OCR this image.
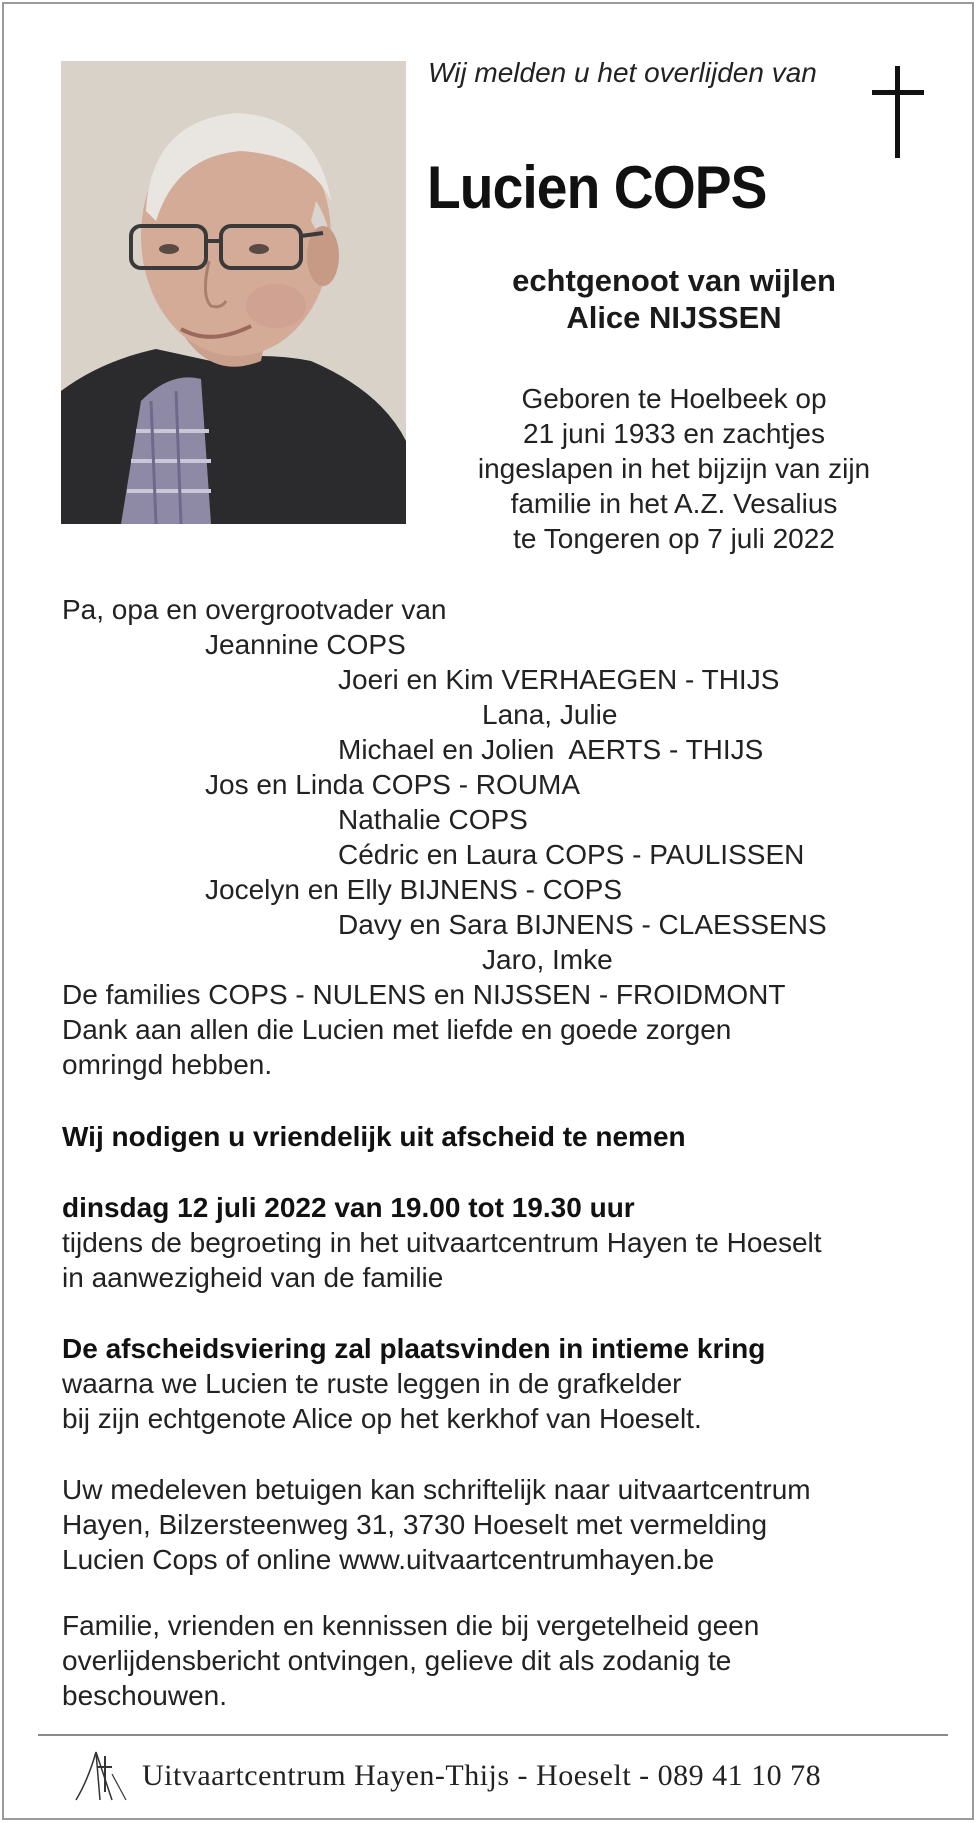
Wij melden u het overlijden van
Lucien COPS
echtgenoot van wijlen
Alice NIJSSEN
Geboren te Hoelbeek op
21 juni 1933 en zachtjes
ingeslapen in het bijzijn van zijn
familie in het A.Z. Vesalius
te Tongeren op 7 juli 2022
Pa, opa en overgrootvader van
Jeannine COPS
Joeri en Kim VERHAEGEN - THIJS
Lana, Julie
Michael en Jolien  AERTS - THIJS
Jos en Linda COPS - ROUMA
Nathalie COPS
Cédric en Laura COPS - PAULISSEN
Jocelyn en Elly BIJNENS - COPS
Davy en Sara BIJNENS - CLAESSENS
Jaro, Imke
De families COPS - NULENS en NIJSSEN - FROIDMONT
Dank aan allen die Lucien met liefde en goede zorgen
omringd hebben.
Wij nodigen u vriendelijk uit afscheid te nemen
dinsdag 12 juli 2022 van 19.00 tot 19.30 uur
tijdens de begroeting in het uitvaartcentrum Hayen te Hoeselt
in aanwezigheid van de familie
De afscheidsviering zal plaatsvinden in intieme kring
waarna we Lucien te ruste leggen in de grafkelder
bij zijn echtgenote Alice op het kerkhof van Hoeselt.
Uw medeleven betuigen kan schriftelijk naar uitvaartcentrum
Hayen, Bilzersteenweg 31, 3730 Hoeselt met vermelding
Lucien Cops of online www.uitvaartcentrumhayen.be
Familie, vrienden en kennissen die bij vergetelheid geen
overlijdensbericht ontvingen, gelieve dit als zodanig te
beschouwen.
Uitvaartcentrum Hayen-Thijs - Hoeselt - 089 41 10 78
